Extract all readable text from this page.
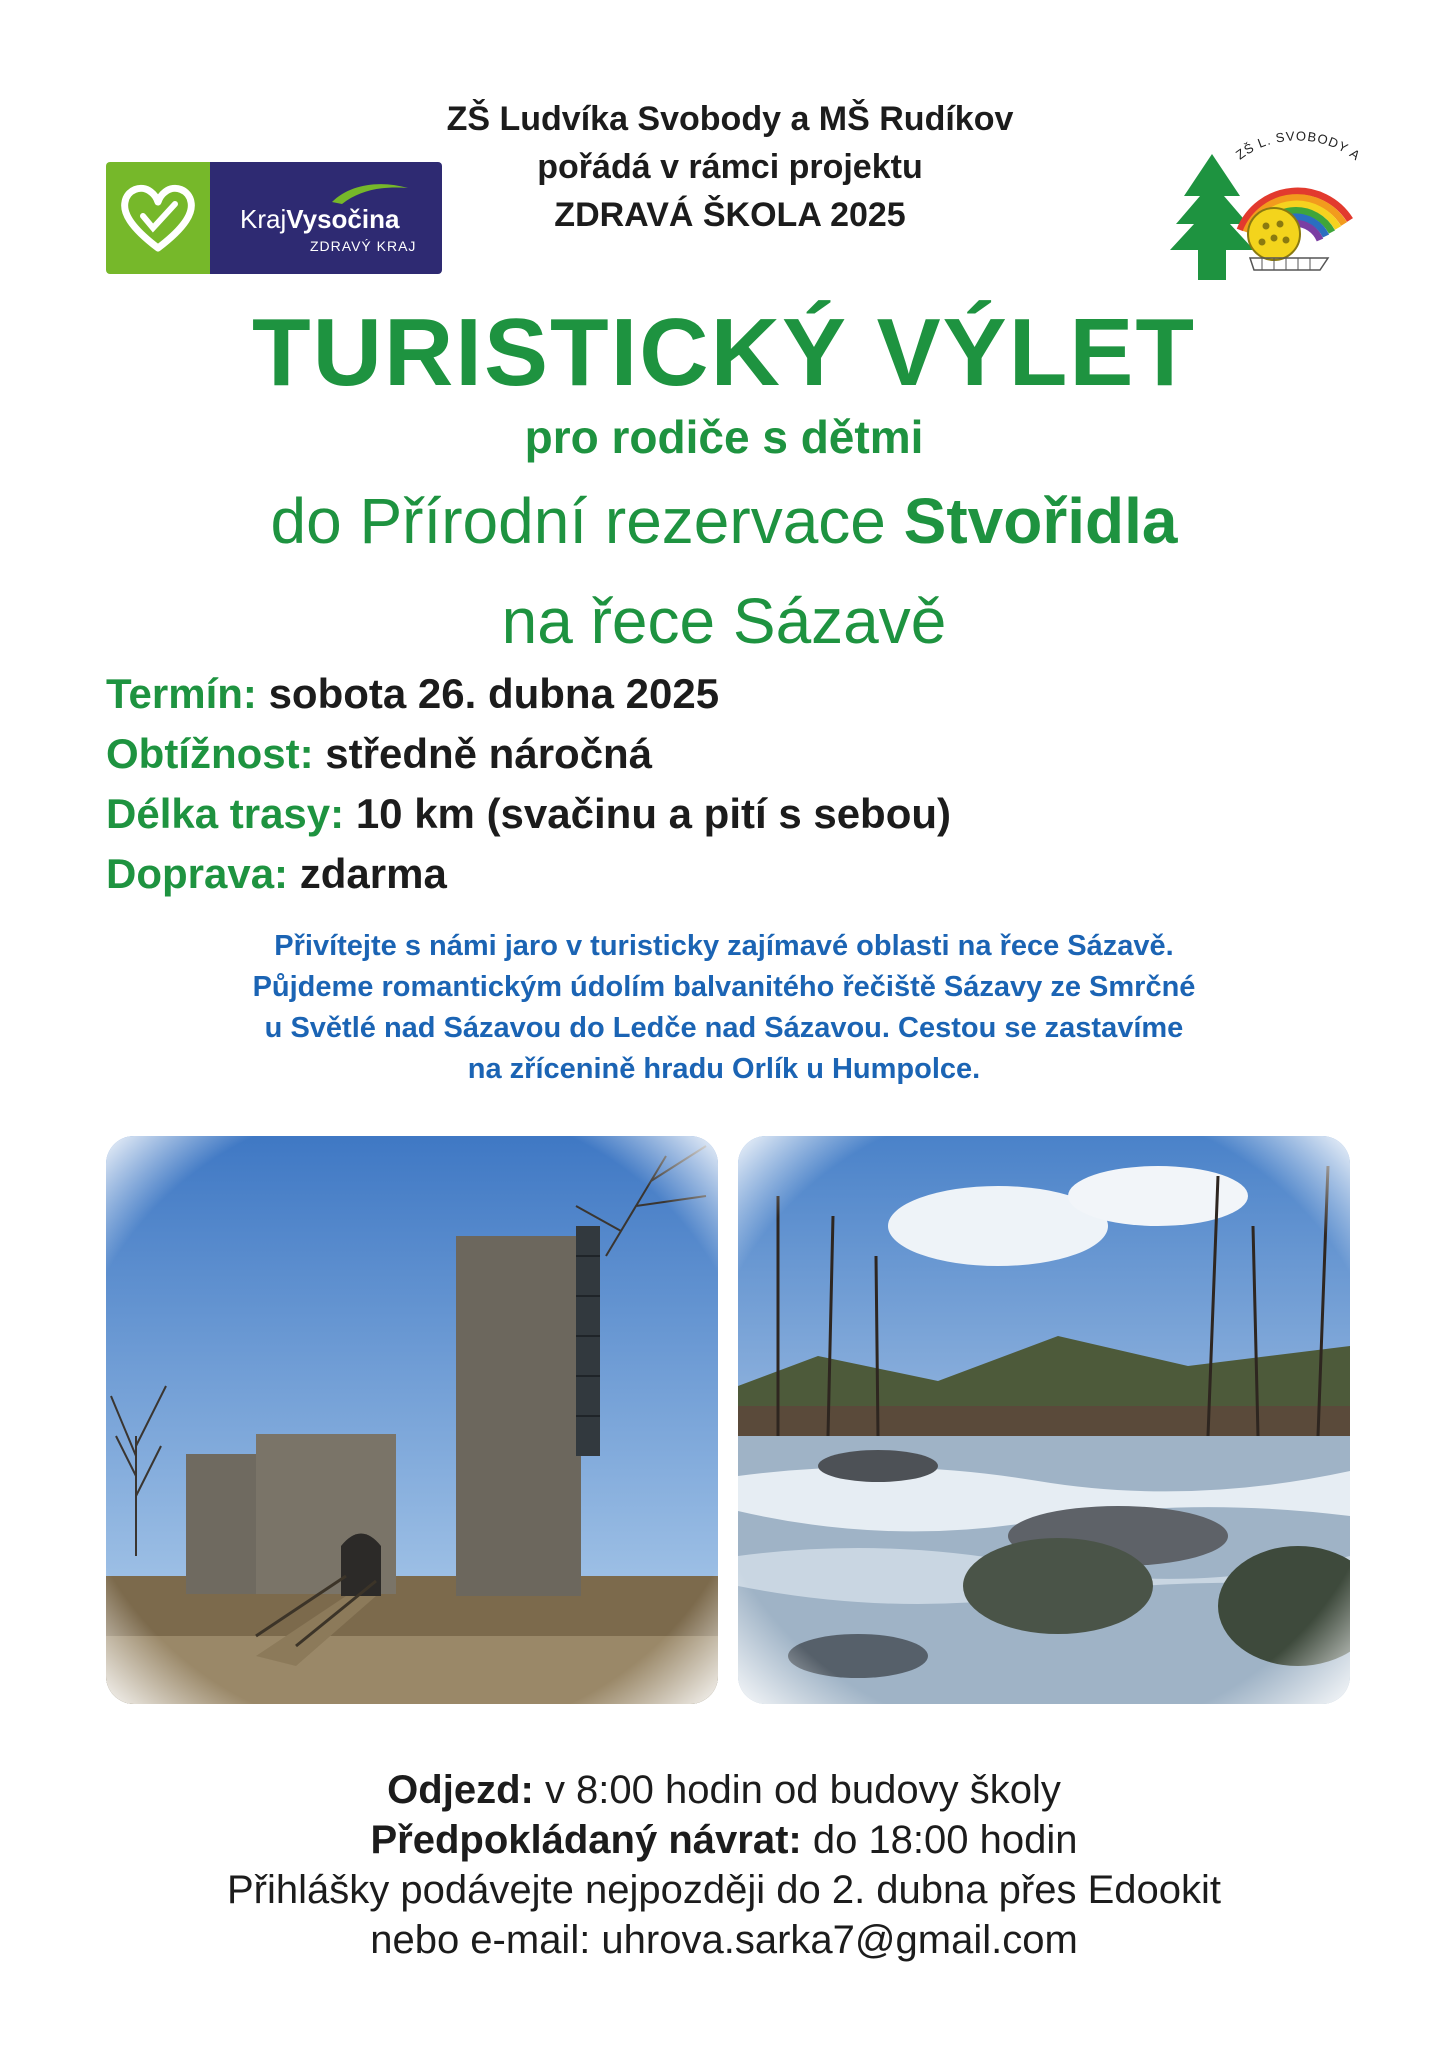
ZŠ Ludvíka Svobody a MŠ Rudíkov
pořádá v rámci projektu
ZDRAVÁ ŠKOLA 2025
KrajVysočina
ZDRAVÝ KRAJ
ZŠ L. SVOBODY
TURISTICKÝ VÝLET
pro rodiče s dětmi
do Přírodní rezervace Stvořidla
na řece Sázavě
Termín: sobota 26. dubna 2025
Obtížnost: středně náročná
Délka trasy: 10 km (svačinu a pití s sebou)
Doprava: zdarma
Přivítejte s námi jaro v turisticky zajímavé oblasti na řece Sázavě.
Půjdeme romantickým údolím balvanitého řečiště Sázavy ze Smrčné
u Světlé nad Sázavou do Ledče nad Sázavou. Cestou se zastavíme
na zřícenině hradu Orlík u Humpolce.
Odjezd: v 8:00 hodin od budovy školy
Předpokládaný návrat: do 18:00 hodin
Přihlášky podávejte nejpozději do 2. dubna přes Edookit
nebo e-mail: uhrova.sarka7@gmail.com
